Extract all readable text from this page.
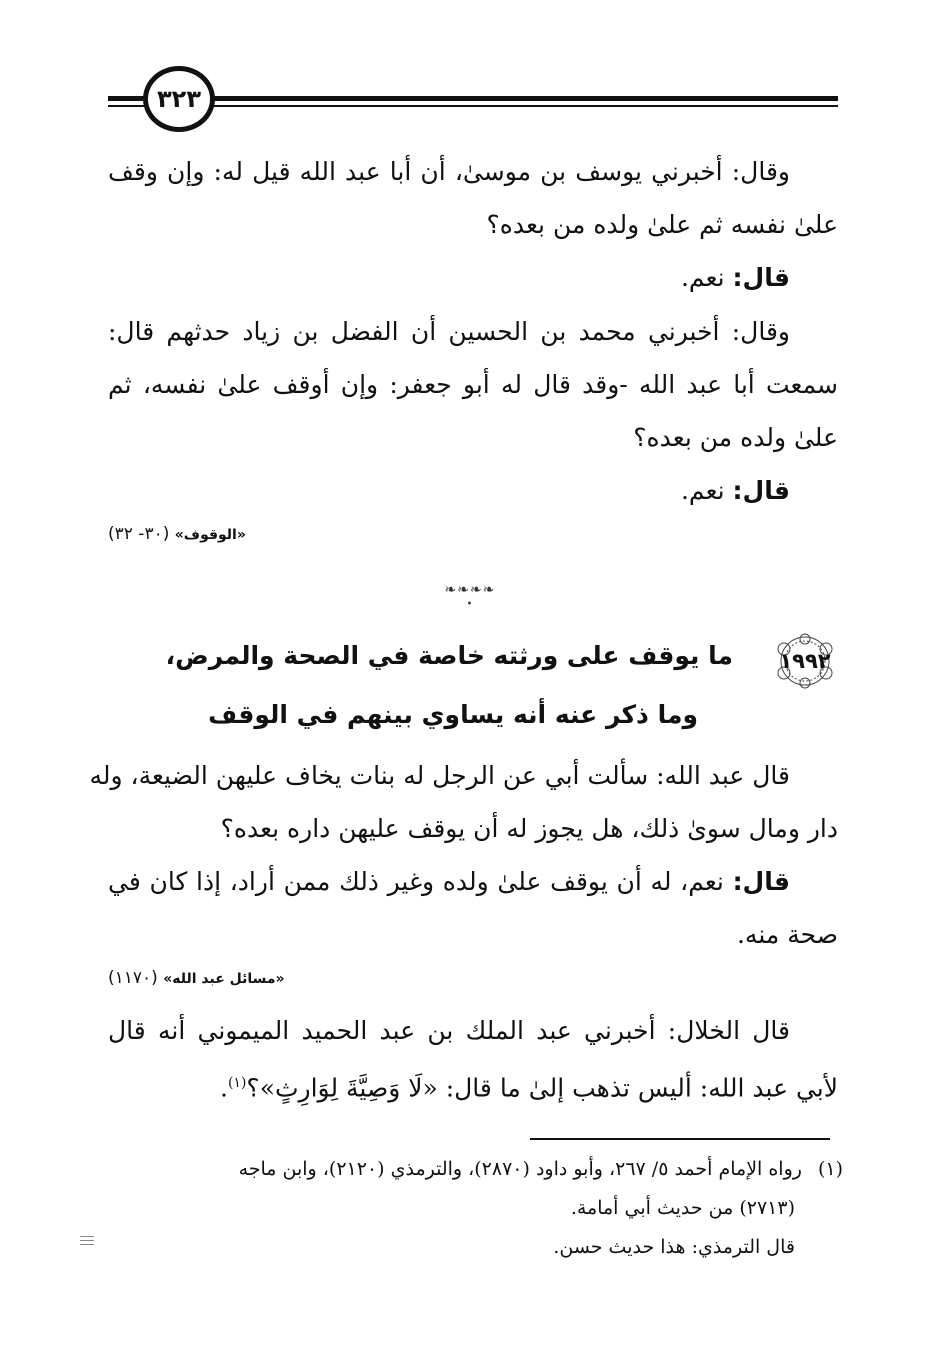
٣٢٣
وقال: أخبرني يوسف بن موسىٰ، أن أبا عبد الله قيل له: وإن وقف
علىٰ نفسه ثم علىٰ ولده من بعده؟
قال: نعم.
وقال: أخبرني محمد بن الحسين أن الفضل بن زياد حدثهم قال:
سمعت أبا عبد الله -وقد قال له أبو جعفر: وإن أوقف علىٰ نفسه، ثم
علىٰ ولده من بعده؟
قال: نعم.
«الوقوف» (٣٠- ٣٢)
❧❧❧❧
•
١٩٩٢
ما يوقف على ورثته خاصة في الصحة والمرض،
وما ذكر عنه أنه يساوي بينهم في الوقف
قال عبد الله: سألت أبي عن الرجل له بنات يخاف عليهن الضيعة، وله
دار ومال سوىٰ ذلك، هل يجوز له أن يوقف عليهن داره بعده؟
قال: نعم، له أن يوقف علىٰ ولده وغير ذلك ممن أراد، إذا كان في
صحة منه.
«مسائل عبد الله» (١١٧٠)
قال الخلال: أخبرني عبد الملك بن عبد الحميد الميموني أنه قال
لأبي عبد الله: أليس تذهب إلىٰ ما قال: «لَا وَصِيَّةَ لِوَارِثٍ»؟$^{(١)}$.
(١)رواه الإمام أحمد ٥/ ٢٦٧، وأبو داود (٢٨٧٠)، والترمذي (٢١٢٠)، وابن ماجه
(٢٧١٣) من حديث أبي أمامة.
قال الترمذي: هذا حديث حسن.
